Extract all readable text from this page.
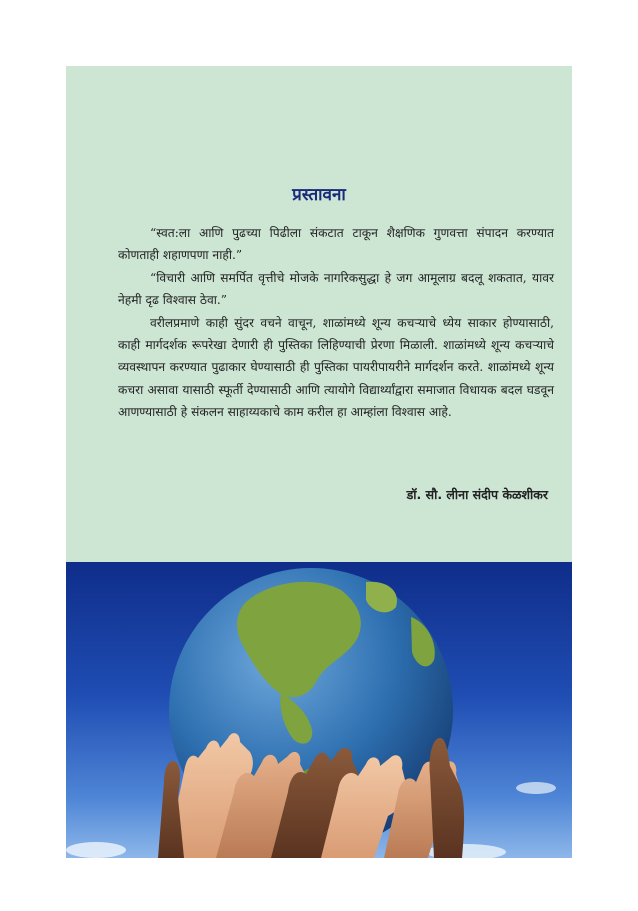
प्रस्तावना

“स्वत:ला आणि पुढच्या पिढीला संकटात टाकून शैक्षणिक गुणवत्ता संपादन करण्यात कोणताही शहाणपणा नाही.”

“विचारी आणि समर्पित वृत्तीचे मोजके नागरिकसुद्धा हे जग आमूलाग्र बदलू शकतात, यावर नेहमी दृढ विश्वास ठेवा.”

वरीलप्रमाणे काही सुंदर वचने वाचून, शाळांमध्ये शून्य कचऱ्याचे ध्येय साकार होण्यासाठी, काही मार्गदर्शक रूपरेखा देणारी ही पुस्तिका लिहिण्याची प्रेरणा मिळाली. शाळांमध्ये शून्य कचऱ्याचे व्यवस्थापन करण्यात पुढाकार घेण्यासाठी ही पुस्तिका पायरीपायरीने मार्गदर्शन करते. शाळांमध्ये शून्य कचरा असावा यासाठी स्फूर्ती देण्यासाठी आणि त्यायोगे विद्यार्थ्यांद्वारा समाजात विधायक बदल घडवून आणण्यासाठी हे संकलन साहाय्यकाचे काम करील हा आम्हांला विश्वास आहे.

डॉ. सौ. लीना संदीप केळशीकर
